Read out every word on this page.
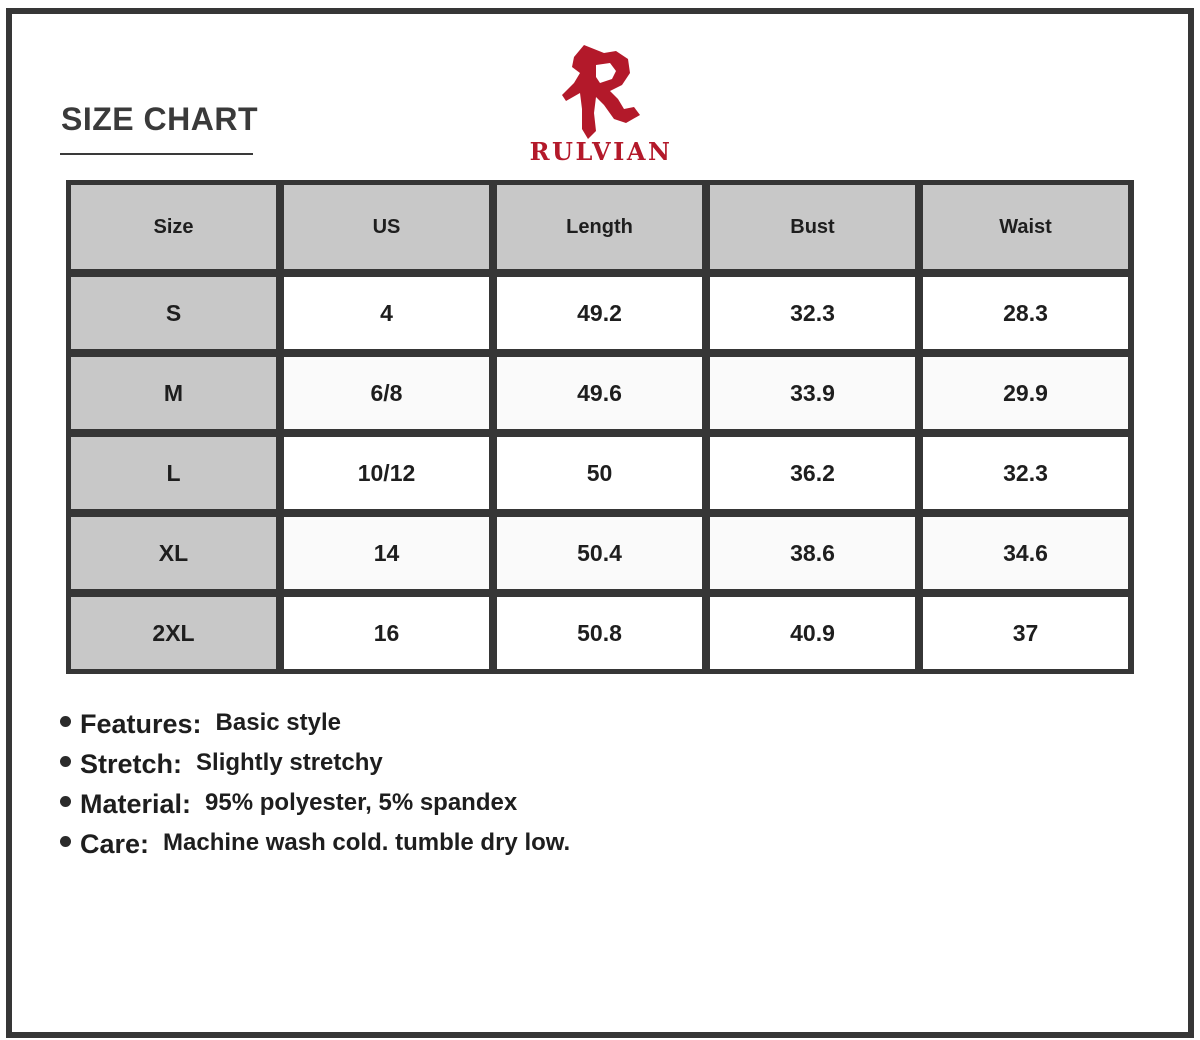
SIZE CHART
RULVIAN
Size	US	Length	Bust	Waist
S	4	49.2	32.3	28.3
M	6/8	49.6	33.9	29.9
L	10/12	50	36.2	32.3
XL	14	50.4	38.6	34.6
2XL	16	50.8	40.9	37
Features: Basic style
Stretch: Slightly stretchy
Material: 95% polyester, 5% spandex
Care: Machine wash cold. tumble dry low.
